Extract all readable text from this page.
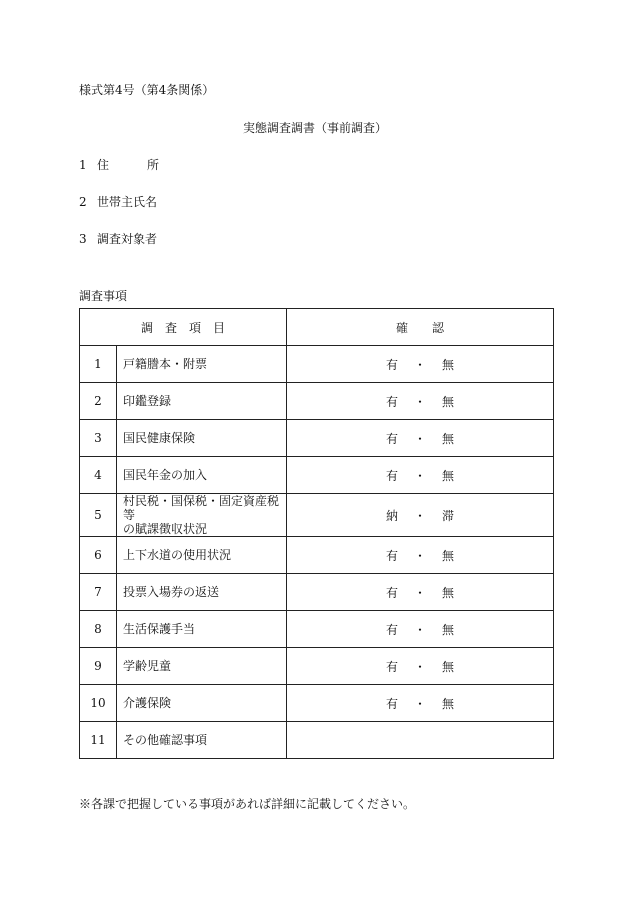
様式第4号（第4条関係）
実態調査調書（事前調査）
1 住	所
2 世帯主氏名
3 調査対象者
調査事項
調 査 項 目		確 認
1	戸籍謄本・附票	有 ・ 無
2	印鑑登録	有 ・ 無
3	国民健康保険	有 ・ 無
4	国民年金の加入	有 ・ 無
5	村民税・国保税・固定資産税等
の賦課徴収状況	納 ・ 滞
6	上下水道の使用状況	有 ・ 無
7	投票入場券の返送	有 ・ 無
8	生活保護手当	有 ・ 無
9	学齢児童	有 ・ 無
10	介護保険	有 ・ 無
11	その他確認事項	
※各課で把握している事項があれば詳細に記載してください。
